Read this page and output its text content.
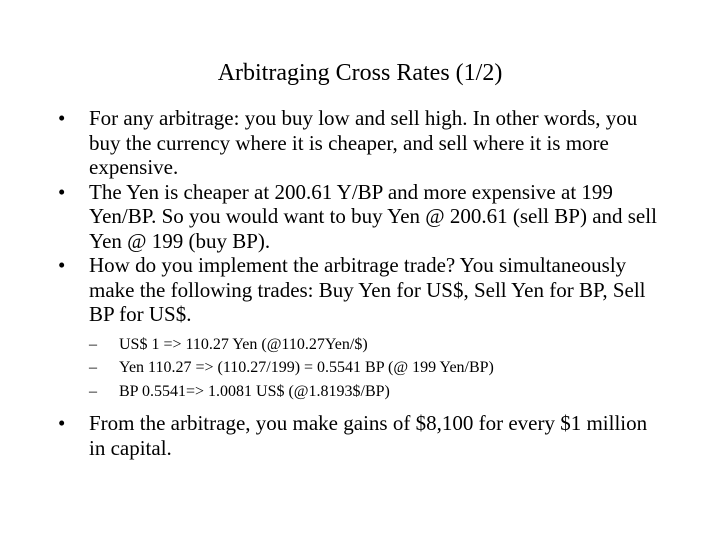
Arbitraging Cross Rates (1/2)
•	For any arbitrage: you buy low and sell high. In other words, you buy the currency where it is cheaper, and sell where it is more expensive.
•	The Yen is cheaper at 200.61 Y/BP and more expensive at 199 Yen/BP. So you would want to buy Yen @ 200.61 (sell BP) and sell Yen @ 199 (buy BP).
•	How do you implement the arbitrage trade? You simultaneously make the following trades: Buy Yen for US$, Sell Yen for BP, Sell BP for US$.
–	US$ 1 => 110.27 Yen (@110.27Yen/$)
–	Yen 110.27 => (110.27/199) = 0.5541 BP (@ 199 Yen/BP)
–	BP 0.5541=> 1.0081 US$ (@1.8193$/BP)
•	From the arbitrage, you make gains of $8,100 for every $1 million in capital.
